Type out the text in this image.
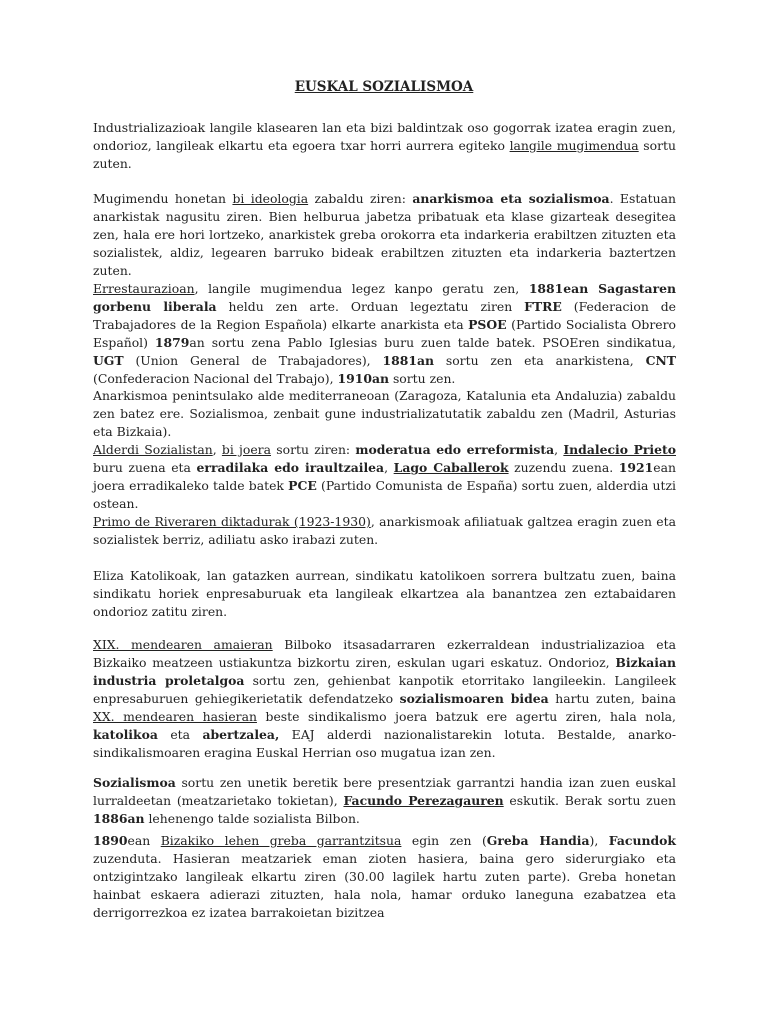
EUSKAL SOZIALISMOA

Industrializazioak langile klasearen lan eta bizi baldintzak oso gogorrak izatea eragin zuen, ondorioz, langileak elkartu eta egoera txar horri aurrera egiteko langile mugimendua sortu zuten.

Mugimendu honetan bi ideologia zabaldu ziren: anarkismoa eta sozialismoa. Estatuan anarkistak nagusitu ziren. Bien helburua jabetza pribatuak eta klase gizarteak desegitea zen, hala ere hori lortzeko, anarkistek greba orokorra eta indarkeria erabiltzen zituzten eta sozialistek, aldiz, legearen barruko bideak erabiltzen zituzten eta indarkeria baztertzen zuten.

Errestaurazioan, langile mugimendua legez kanpo geratu zen, 1881ean Sagastaren gorbenu liberala heldu zen arte. Orduan legeztatu ziren FTRE (Federacion de Trabajadores de la Region Española) elkarte anarkista eta PSOE (Partido Socialista Obrero Español) 1879an sortu zena Pablo Iglesias buru zuen talde batek. PSOEren sindikatua, UGT (Union General de Trabajadores), 1881an sortu zen eta anarkistena, CNT (Confederacion Nacional del Trabajo), 1910an sortu zen.

Anarkismoa penintsulako alde mediterraneoan (Zaragoza, Katalunia eta Andaluzia) zabaldu zen batez ere. Sozialismoa, zenbait gune industrializatutatik zabaldu zen (Madril, Asturias eta Bizkaia).

Alderdi Sozialistan, bi joera sortu ziren: moderatua edo erreformista, Indalecio Prieto buru zuena eta erradilaka edo iraultzailea, Lago Caballerok zuzendu zuena. 1921ean joera erradikaleko talde batek PCE (Partido Comunista de España) sortu zuen, alderdia utzi ostean.

Primo de Riveraren diktadurak (1923-1930), anarkismoak afiliatuak galtzea eragin zuen eta sozialistek berriz, adiliatu asko irabazi zuten.

Eliza Katolikoak, lan gatazken aurrean, sindikatu katolikoen sorrera bultzatu zuen, baina sindikatu horiek enpresaburuak eta langileak elkartzea ala banantzea zen eztabaidaren ondorioz zatitu ziren.

XIX. mendearen amaieran Bilboko itsasadarraren ezkerraldean industrializazioa eta Bizkaiko meatzeen ustiakuntza bizkortu ziren, eskulan ugari eskatuz. Ondorioz, Bizkaian industria proletalgoa sortu zen, gehienbat kanpotik etorritako langileekin. Langileek enpresaburuen gehiegikerietatik defendatzeko sozialismoaren bidea hartu zuten, baina XX. mendearen hasieran beste sindikalismo joera batzuk ere agertu ziren, hala nola, katolikoa eta abertzalea, EAJ alderdi nazionalistarekin lotuta. Bestalde, anarko-sindikalismoaren eragina Euskal Herrian oso mugatua izan zen.

Sozialismoa sortu zen unetik beretik bere presentziak garrantzi handia izan zuen euskal lurraldeetan (meatzarietako tokietan), Facundo Perezagauren eskutik. Berak sortu zuen 1886an lehenengo talde sozialista Bilbon.

1890ean Bizakiko lehen greba garrantzitsua egin zen (Greba Handia), Facundok zuzenduta. Hasieran meatzariek eman zioten hasiera, baina gero siderurgiako eta ontzigintzako langileak elkartu ziren (30.00 lagilek hartu zuten parte). Greba honetan hainbat eskaera adierazi zituzten, hala nola, hamar orduko laneguna ezabatzea eta derrigorrezkoa ez izatea barrakoietan bizitzea
